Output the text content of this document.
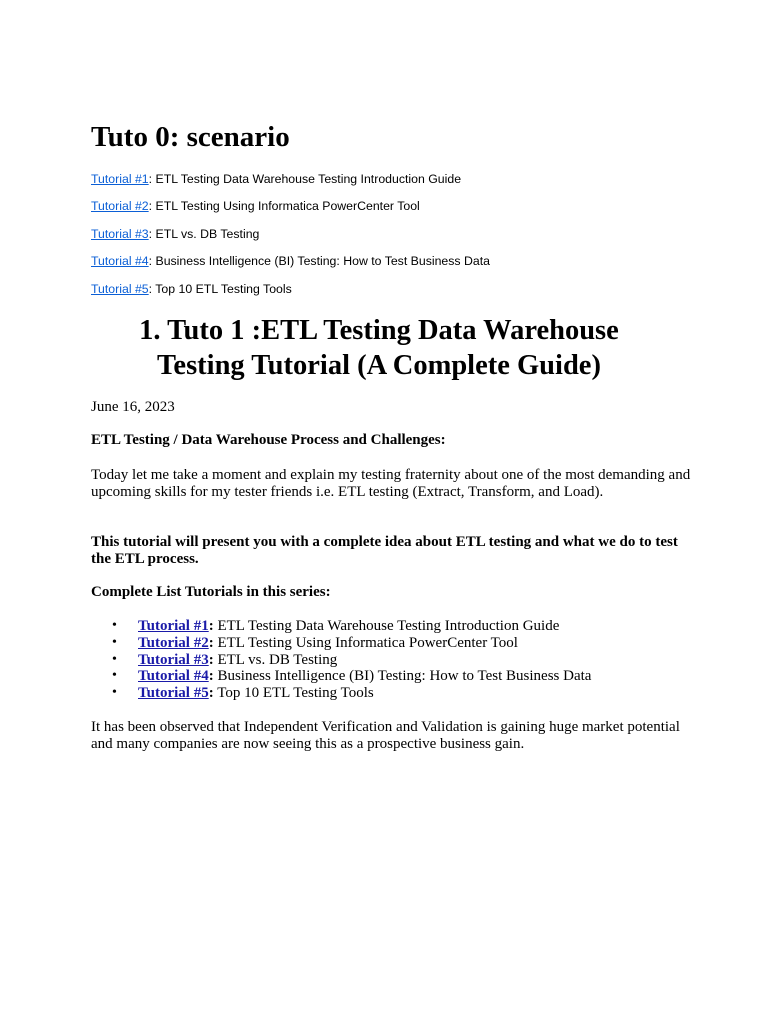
Tuto 0: scenario
Tutorial #1: ETL Testing Data Warehouse Testing Introduction Guide
Tutorial #2: ETL Testing Using Informatica PowerCenter Tool
Tutorial #3: ETL vs. DB Testing
Tutorial #4: Business Intelligence (BI) Testing: How to Test Business Data
Tutorial #5: Top 10 ETL Testing Tools
1. Tuto 1 :ETL Testing Data Warehouse
Testing Tutorial (A Complete Guide)

June 16, 2023

ETL Testing / Data Warehouse Process and Challenges:

Today let me take a moment and explain my testing fraternity about one of the most demanding and upcoming skills for my tester friends i.e. ETL testing (Extract, Transform, and Load).

This tutorial will present you with a complete idea about ETL testing and what we do to test the ETL process.

Complete List Tutorials in this series:

• Tutorial #1: ETL Testing Data Warehouse Testing Introduction Guide
• Tutorial #2: ETL Testing Using Informatica PowerCenter Tool
• Tutorial #3: ETL vs. DB Testing
• Tutorial #4: Business Intelligence (BI) Testing: How to Test Business Data
• Tutorial #5: Top 10 ETL Testing Tools

It has been observed that Independent Verification and Validation is gaining huge market potential and many companies are now seeing this as a prospective business gain.
